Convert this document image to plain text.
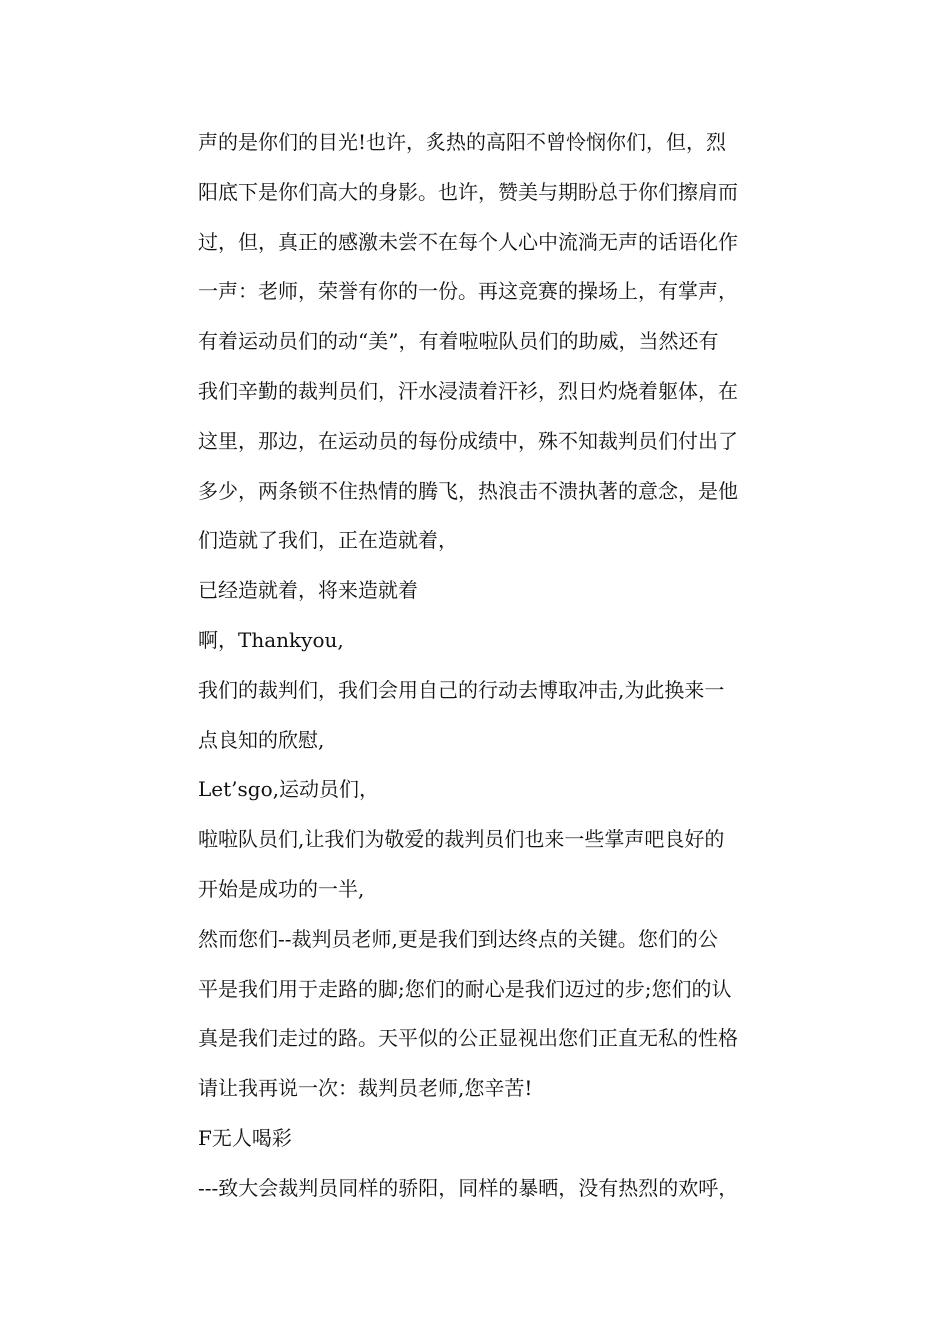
声的是你们的目光!也许，炙热的高阳不曾怜悯你们，但，烈
阳底下是你们高大的身影。也许，赞美与期盼总于你们擦肩而
过，但，真正的感激未尝不在每个人心中流淌无声的话语化作
一声：老师，荣誉有你的一份。再这竞赛的操场上，有掌声，
有着运动员们的动“美”，有着啦啦队员们的助威，当然还有
我们辛勤的裁判员们，汗水浸渍着汗衫，烈日灼烧着躯体，在
这里，那边，在运动员的每份成绩中，殊不知裁判员们付出了
多少，两条锁不住热情的腾飞，热浪击不溃执著的意念，是他
们造就了我们，正在造就着，
已经造就着，将来造就着
啊，Thankyou,
我们的裁判们，我们会用自己的行动去博取冲击,为此换来一
点良知的欣慰,
Let’sgo,运动员们，
啦啦队员们,让我们为敬爱的裁判员们也来一些掌声吧良好的
开始是成功的一半,
然而您们--裁判员老师,更是我们到达终点的关键。您们的公
平是我们用于走路的脚;您们的耐心是我们迈过的步;您们的认
真是我们走过的路。天平似的公正显视出您们正直无私的性格
请让我再说一次：裁判员老师,您辛苦!
F无人喝彩
---致大会裁判员同样的骄阳，同样的暴晒，没有热烈的欢呼，
